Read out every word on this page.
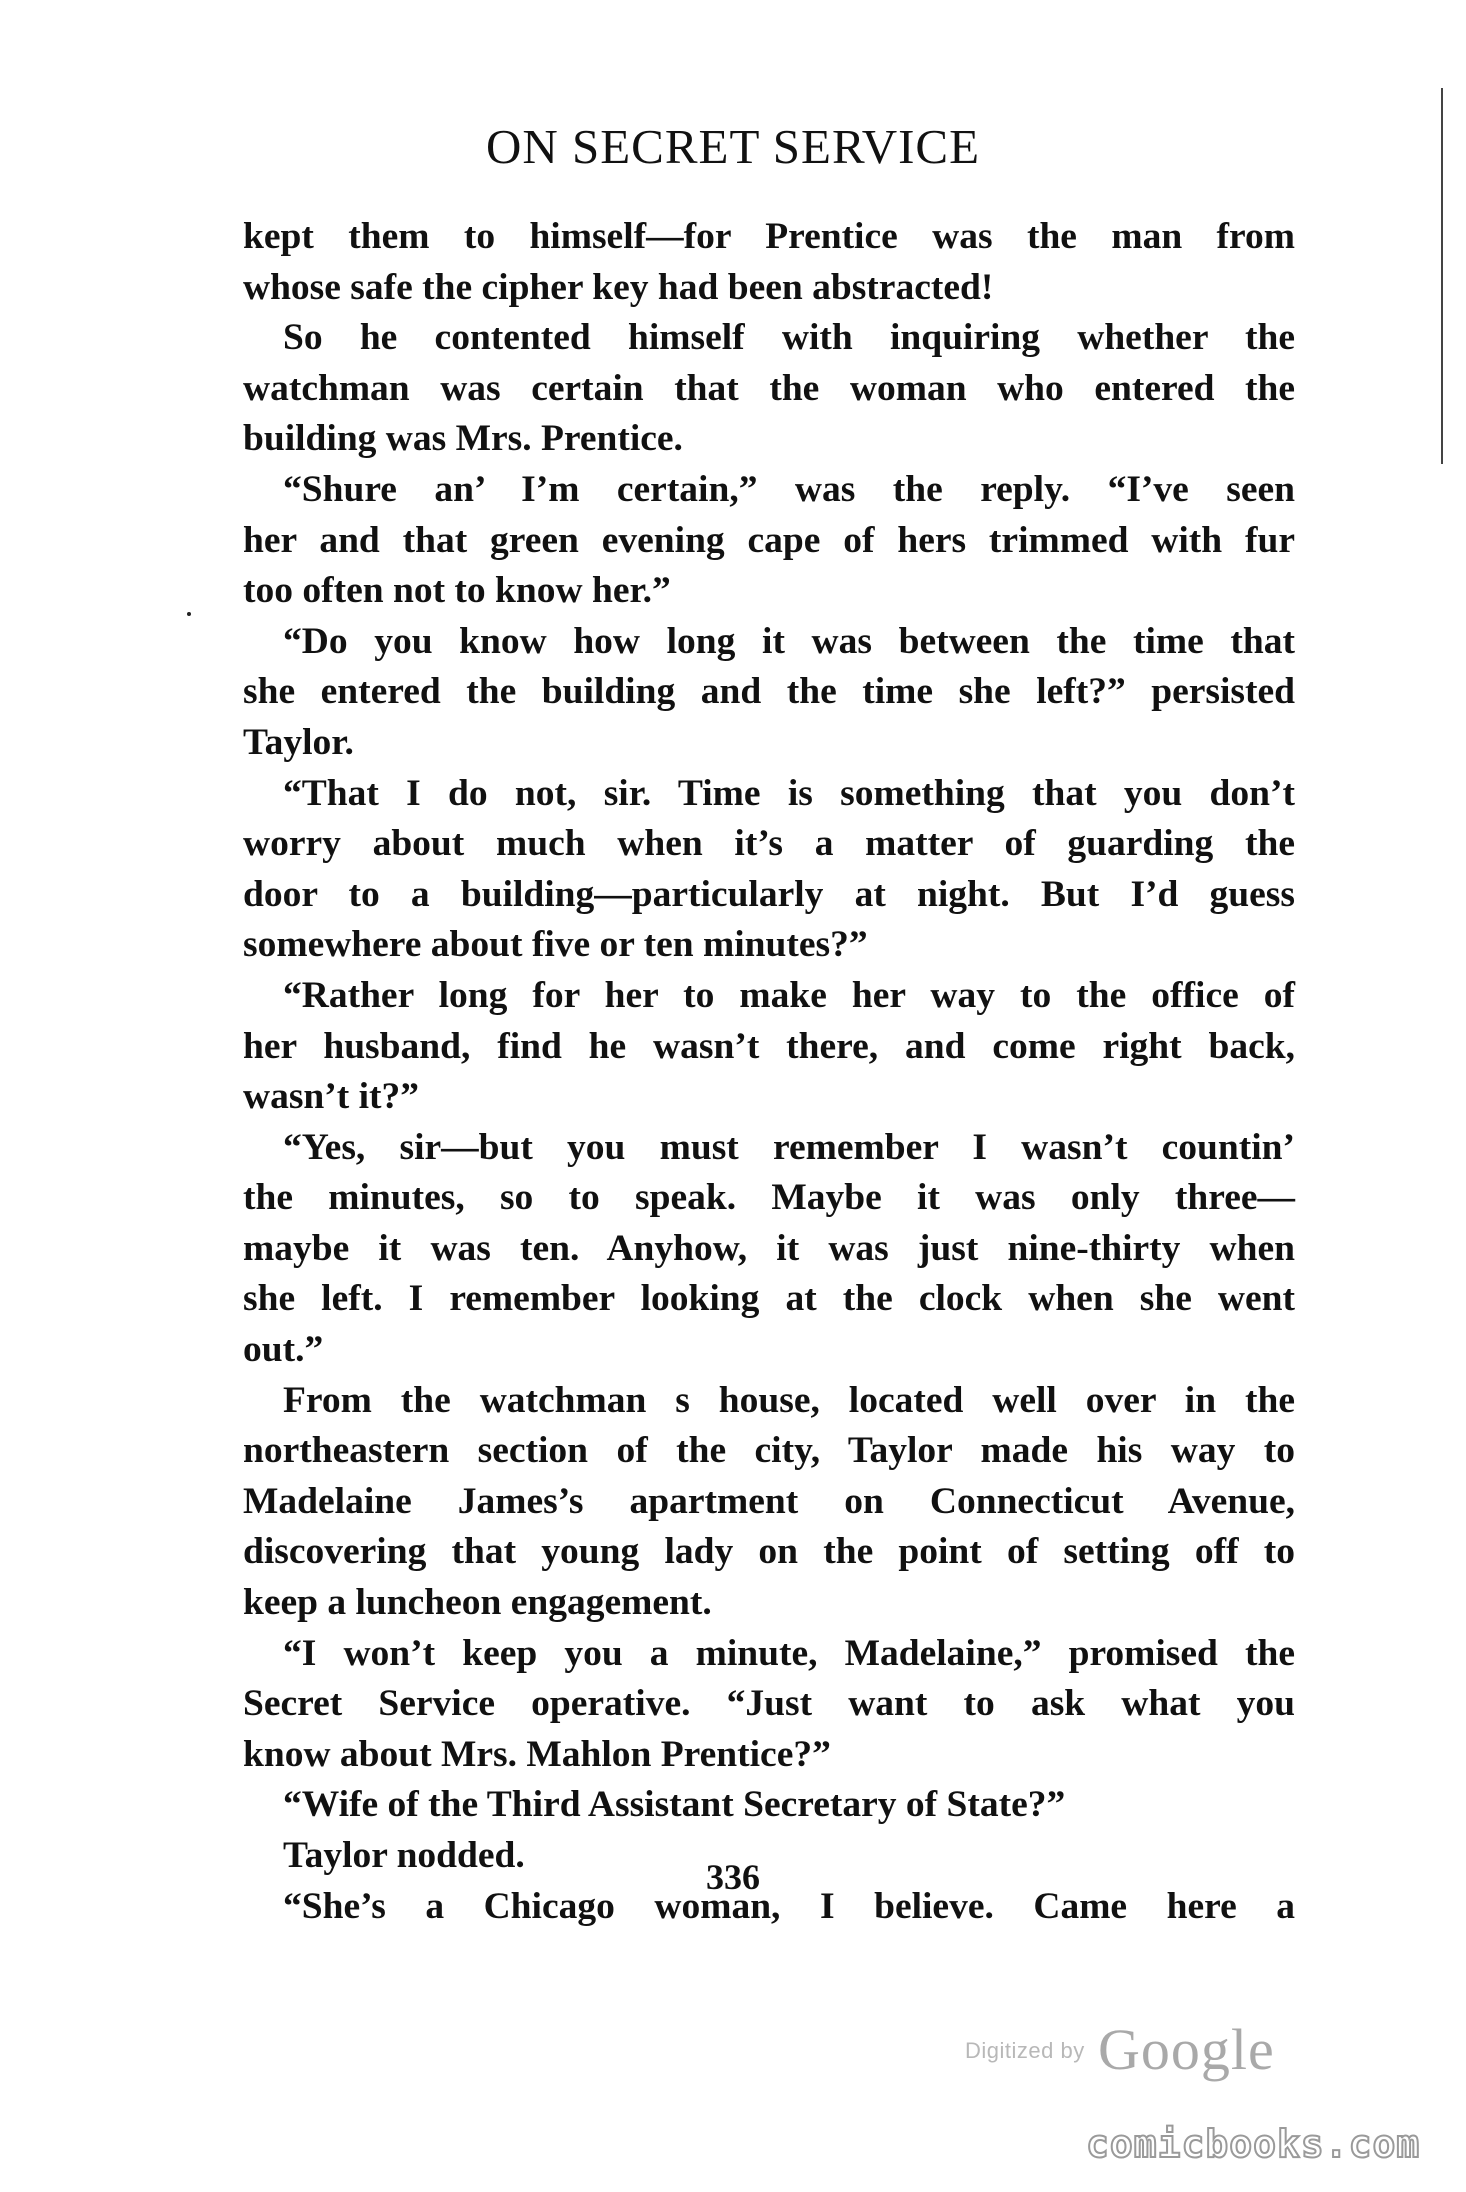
ON SECRET SERVICE
kept them to himself—for Prentice was the man from
whose safe the cipher key had been abstracted!
So he contented himself with inquiring whether the
watchman was certain that the woman who entered the
building was Mrs. Prentice.
“Shure an’ I’m certain,” was the reply. “I’ve seen
her and that green evening cape of hers trimmed with fur
too often not to know her.”
“Do you know how long it was between the time that
she entered the building and the time she left?” persisted
Taylor.
“That I do not, sir. Time is something that you don’t
worry about much when it’s a matter of guarding the
door to a building—particularly at night. But I’d guess
somewhere about five or ten minutes?”
“Rather long for her to make her way to the office of
her husband, find he wasn’t there, and come right back,
wasn’t it?”
“Yes, sir—but you must remember I wasn’t countin’
the minutes, so to speak. Maybe it was only three—
maybe it was ten. Anyhow, it was just nine-thirty when
she left. I remember looking at the clock when she went
out.”
From the watchman s house, located well over in the
northeastern section of the city, Taylor made his way to
Madelaine James’s apartment on Connecticut Avenue,
discovering that young lady on the point of setting off to
keep a luncheon engagement.
“I won’t keep you a minute, Madelaine,” promised the
Secret Service operative. “Just want to ask what you
know about Mrs. Mahlon Prentice?”
“Wife of the Third Assistant Secretary of State?”
Taylor nodded.
“She’s a Chicago woman, I believe. Came here a
336
Digitized by Google
comicbooks.com
